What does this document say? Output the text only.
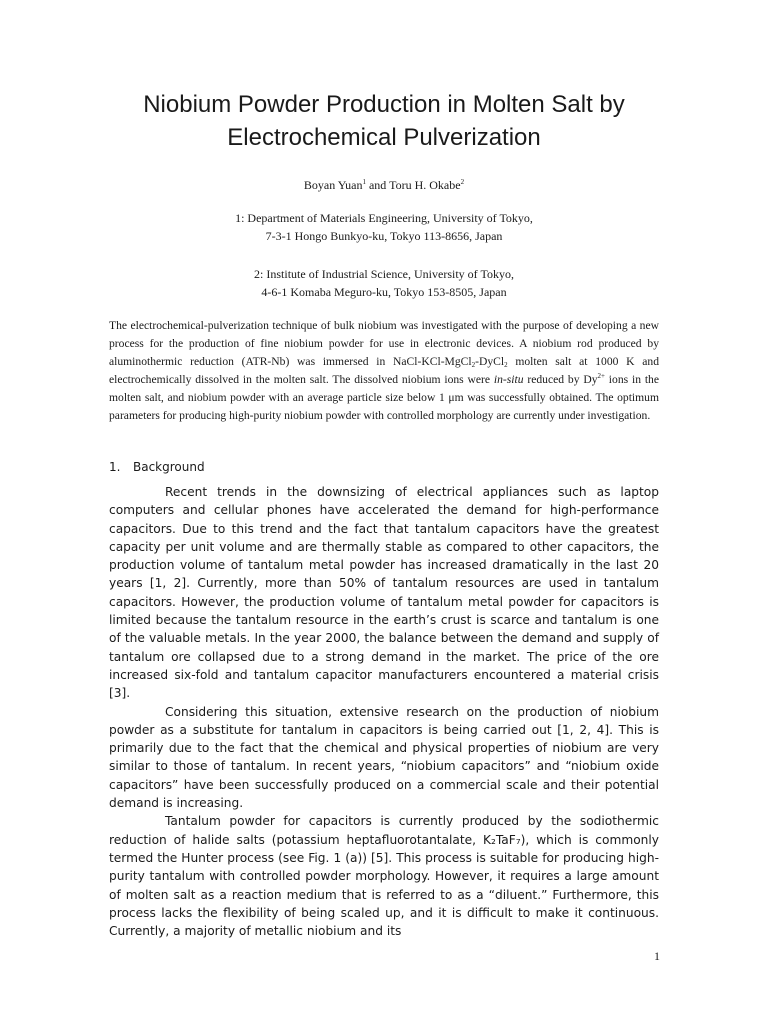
Niobium Powder Production in Molten Salt by
Electrochemical Pulverization
Boyan Yuan$^1$ and Toru H. Okabe$^2$
1: Department of Materials Engineering, University of Tokyo,
7-3-1 Hongo Bunkyo-ku, Tokyo 113-8656, Japan
2: Institute of Industrial Science, University of Tokyo,
4-6-1 Komaba Meguro-ku, Tokyo 153-8505, Japan
The electrochemical-pulverization technique of bulk niobium was investigated with the purpose of developing a new process for the production of fine niobium powder for use in electronic devices. A niobium rod produced by aluminothermic reduction (ATR-Nb) was immersed in NaCl-KCl-MgCl$_2$-DyCl$_2$ molten salt at 1000 K and electrochemically dissolved in the molten salt. The dissolved niobium ions were in-situ reduced by $Dy^{2+}$ ions in the molten salt, and niobium powder with an average particle size below 1 μm was successfully obtained. The optimum parameters for producing high-purity niobium powder with controlled morphology are currently under investigation.
1. Background

Recent trends in the downsizing of electrical appliances such as laptop computers and cellular phones have accelerated the demand for high-performance capacitors. Due to this trend and the fact that tantalum capacitors have the greatest capacity per unit volume and are thermally stable as compared to other capacitors, the production volume of tantalum metal powder has increased dramatically in the last 20 years [1, 2]. Currently, more than 50% of tantalum resources are used in tantalum capacitors. However, the production volume of tantalum metal powder for capacitors is limited because the tantalum resource in the earth’s crust is scarce and tantalum is one of the valuable metals. In the year 2000, the balance between the demand and supply of tantalum ore collapsed due to a strong demand in the market. The price of the ore increased six-fold and tantalum capacitor manufacturers encountered a material crisis [3].

Considering this situation, extensive research on the production of niobium powder as a substitute for tantalum in capacitors is being carried out [1, 2, 4]. This is primarily due to the fact that the chemical and physical properties of niobium are very similar to those of tantalum. In recent years, “niobium capacitors” and “niobium oxide capacitors” have been successfully produced on a commercial scale and their potential demand is increasing.

Tantalum powder for capacitors is currently produced by the sodiothermic reduction of halide salts (potassium heptafluorotantalate, K₂TaF₇), which is commonly termed the Hunter process (see Fig. 1 (a)) [5]. This process is suitable for producing high-purity tantalum with controlled powder morphology. However, it requires a large amount of molten salt as a reaction medium that is referred to as a “diluent.” Furthermore, this process lacks the flexibility of being scaled up, and it is difficult to make it continuous. Currently, a majority of metallic niobium and its

1
